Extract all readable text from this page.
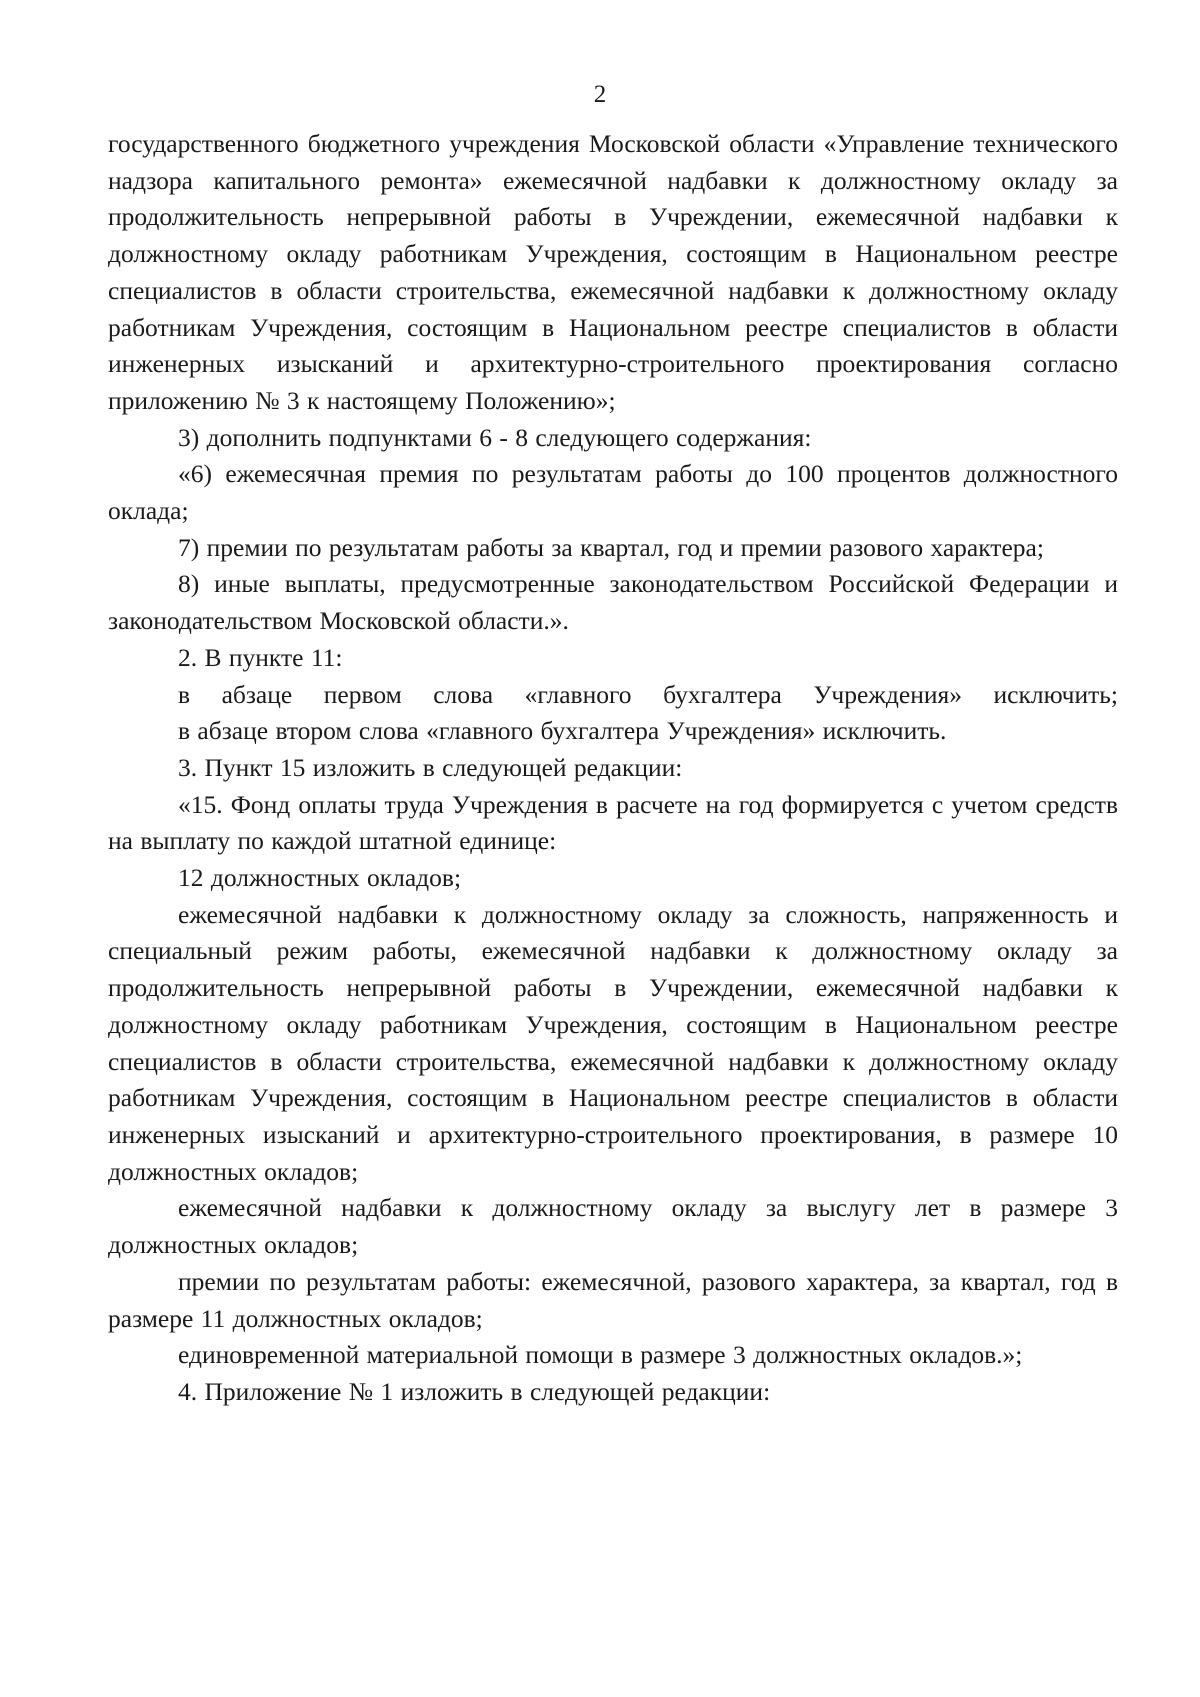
2

государственного бюджетного учреждения Московской области «Управление технического надзора капитального ремонта» ежемесячной надбавки к должностному окладу за продолжительность непрерывной работы в Учреждении, ежемесячной надбавки к должностному окладу работникам Учреждения, состоящим в Национальном реестре специалистов в области строительства, ежемесячной надбавки к должностному окладу работникам Учреждения, состоящим в Национальном реестре специалистов в области инженерных изысканий и архитектурно-строительного проектирования согласно приложению № 3 к настоящему Положению»;

3) дополнить подпунктами 6 - 8 следующего содержания:

«6) ежемесячная премия по результатам работы до 100 процентов должностного оклада;

7) премии по результатам работы за квартал, год и премии разового характера;

8) иные выплаты, предусмотренные законодательством Российской Федерации и законодательством Московской области.».

2. В пункте 11:

в абзаце первом слова «главного бухгалтера Учреждения» исключить;

в абзаце втором слова «главного бухгалтера Учреждения» исключить.

3. Пункт 15 изложить в следующей редакции:

«15. Фонд оплаты труда Учреждения в расчете на год формируется с учетом средств на выплату по каждой штатной единице:

12 должностных окладов;

ежемесячной надбавки к должностному окладу за сложность, напряженность и специальный режим работы, ежемесячной надбавки к должностному окладу за продолжительность непрерывной работы в Учреждении, ежемесячной надбавки к должностному окладу работникам Учреждения, состоящим в Национальном реестре специалистов в области строительства, ежемесячной надбавки к должностному окладу работникам Учреждения, состоящим в Национальном реестре специалистов в области инженерных изысканий и архитектурно-строительного проектирования, в размере 10 должностных окладов;

ежемесячной надбавки к должностному окладу за выслугу лет в размере 3 должностных окладов;

премии по результатам работы: ежемесячной, разового характера, за квартал, год в размере 11 должностных окладов;

единовременной материальной помощи в размере 3 должностных окладов.»;

4. Приложение № 1 изложить в следующей редакции:
